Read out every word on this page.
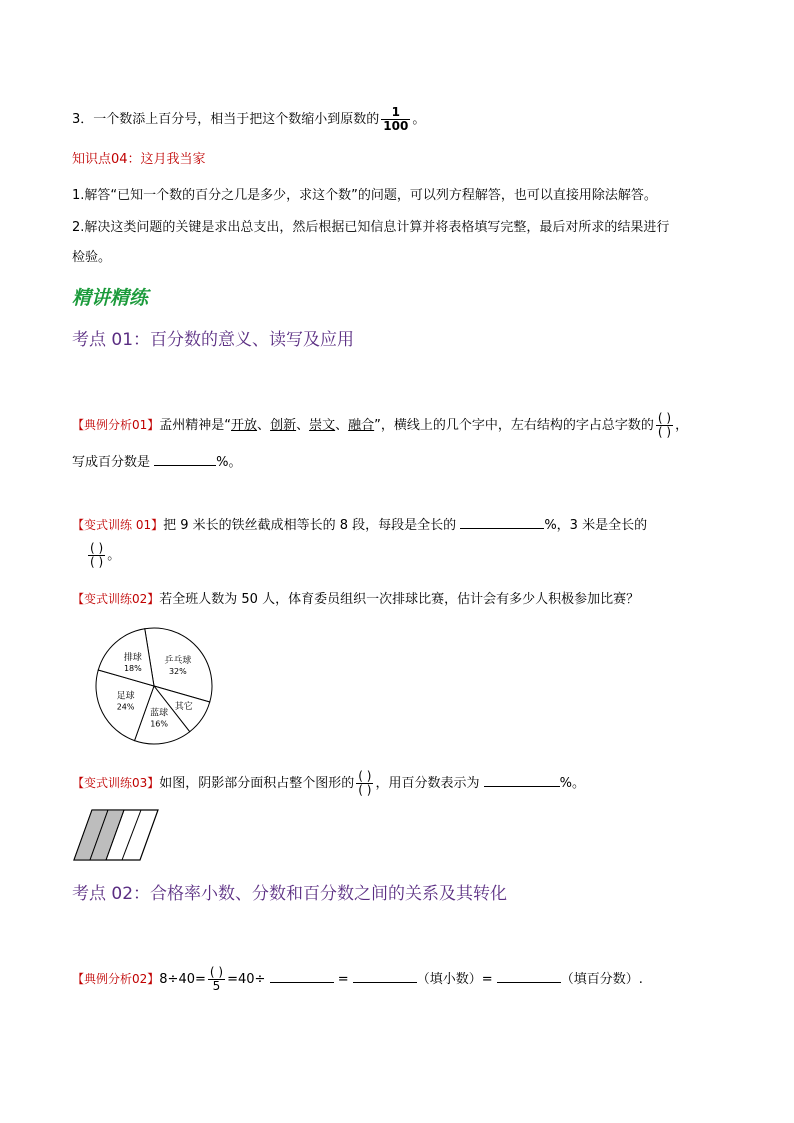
3．一个数添上百分号，相当于把这个数缩小到原数的 $\frac{1}{100}$ 。
知识点04：这月我当家
1.解答“已知一个数的百分之几是多少，求这个数”的问题，可以列方程解答，也可以直接用除法解答。
2.解决这类问题的关键是求出总支出，然后根据已知信息计算并将表格填写完整，最后对所求的结果进行
检验。
精讲精练
考点 01：百分数的意义、读写及应用
【典例分析01】孟州精神是“开放、创新、崇文、融合”，横线上的几个字中，左右结构的字占总字数的 $\frac{( )}{( )}$ ，
写成百分数是	%。
【变式训练 01】把 9 米长的铁丝截成相等长的 8 段，每段是全长的	%，3 米是全长的
$\frac{( )}{( )}$ 。
【变式训练02】若全班人数为 50 人，体育委员组织一次排球比赛，估计会有多少人积极参加比赛？
乒乓球
32%
其它
蓝球
16%
足球
24%
排球
18%
【变式训练03】如图，阴影部分面积占整个图形的 $\frac{( )}{( )}$ ，用百分数表示为	%。
考点 02：合格率小数、分数和百分数之间的关系及其转化
【典例分析02】$8\div 40= \frac{( )}{5} =40\div$	=	（填小数）=	（填百分数）.
